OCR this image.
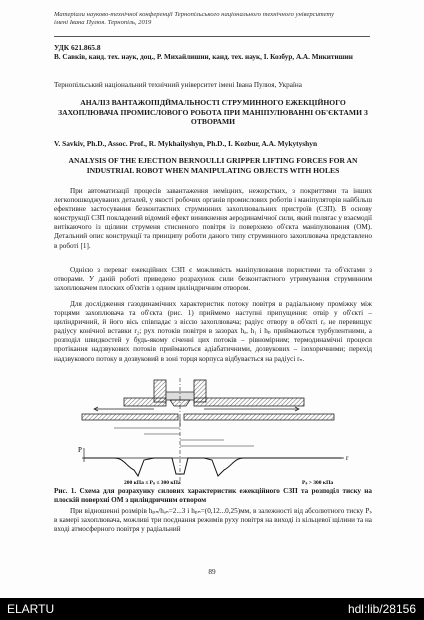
Матеріали науково-технічної конференції Тернопільського національного технічного університету
імені Івана Пулюя. Тернопіль, 2019
УДК 621.865.8
В. Савків, канд. тех. наук, доц., Р. Михайлишин, канд. тех. наук, І. Козбур, А.А. Микитишин
Тернопільський національний технічний університет імені Івана Пулюя, Україна
АНАЛІЗ ВАНТАЖОПІДЙМАЛЬНОСТІ СТРУМИННОГО ЕЖЕКЦІЙНОГО ЗАХОПЛЮВАЧА ПРОМИСЛОВОГО РОБОТА ПРИ МАНІПУЛЮВАННІ ОБ'ЄКТАМИ З ОТВОРАМИ
V. Savkiv, Ph.D., Assoc. Prof., R. Mykhailyshyn, Ph.D., I. Kozbur, A.A. Mykytyshyn
ANALYSIS OF THE EJECTION BERNOULLI GRIPPER LIFTING FORCES FOR AN INDUSTRIAL ROBOT WHEN MANIPULATING OBJECTS WITH HOLES
При автоматизації процесів завантаження неміцних, нежорстких, з покриттями та інших легкопошкоджуваних деталей, у якості робочих органів промислових роботів і маніпуляторів найбільш ефективне застосування безконтактних струминних захоплювальних пристроїв (СЗП). В основу конструкції СЗП покладений відомий ефект виникнення аеродинамічної сили, який полягає у взаємодії витікаючого із щілини струменя стисненого повітря із поверхнею об'єкта маніпулювання (ОМ). Детальний опис конструкції та принципу роботи даного типу струминного захоплювача представлено в роботі [1].
Однією з переваг ежекційних СЗП є можливість маніпулювання пористими та об'єктами з отворами. У даній роботі приведено розрахунок сили безконтактного утримування струминним захоплювачем плоских об'єктів з одним циліндричним отвором.
Для дослідження газодинамічних характеристик потоку повітря в радіальному проміжку між торцями захоплювача та об'єкта (рис. 1) приймемо наступні припущення: отвір у об'єкті – циліндричний, й його вісь співпадає з віссю захоплювача; радіус отвору в об'єкті rₒ не перевищує радіусу конічної вставки r₂; рух потоків повітря в зазорах hₐ, h₁ і hₚ приймаються турбулентними, а розподіл швидкостей у будь-якому січенні цих потоків – рівномірним; термодинамічні процеси протікання надзвукових потоків приймаються адіабатичними, дозвукових – ізохоричними; перехід надзвукового потоку в дозвуковий в зоні торця корпуса відбувається на радіусі rₙ.
P
r
200 кПа ≤ Pₛ ≤ 300 кПа	Pₛ > 300 кПа
Рис. 1. Схема для розрахунку силових характеристик ежекційного СЗП та розподіл тиску на плоскій поверхні ОМ з циліндричним отвором
При відношенні розмірів hₚₙ/hₐₙ=2...3 і hₚₙ=(0,12...0,25)мм, в залежності від абсолютного тиску Pₛ в камері захоплювача, можливі три поєднання режимів руху повітря на виході із кільцевої щілини та на вході атмосферного повітря у радіальний
89
ELARTU	hdl:lib/28156
